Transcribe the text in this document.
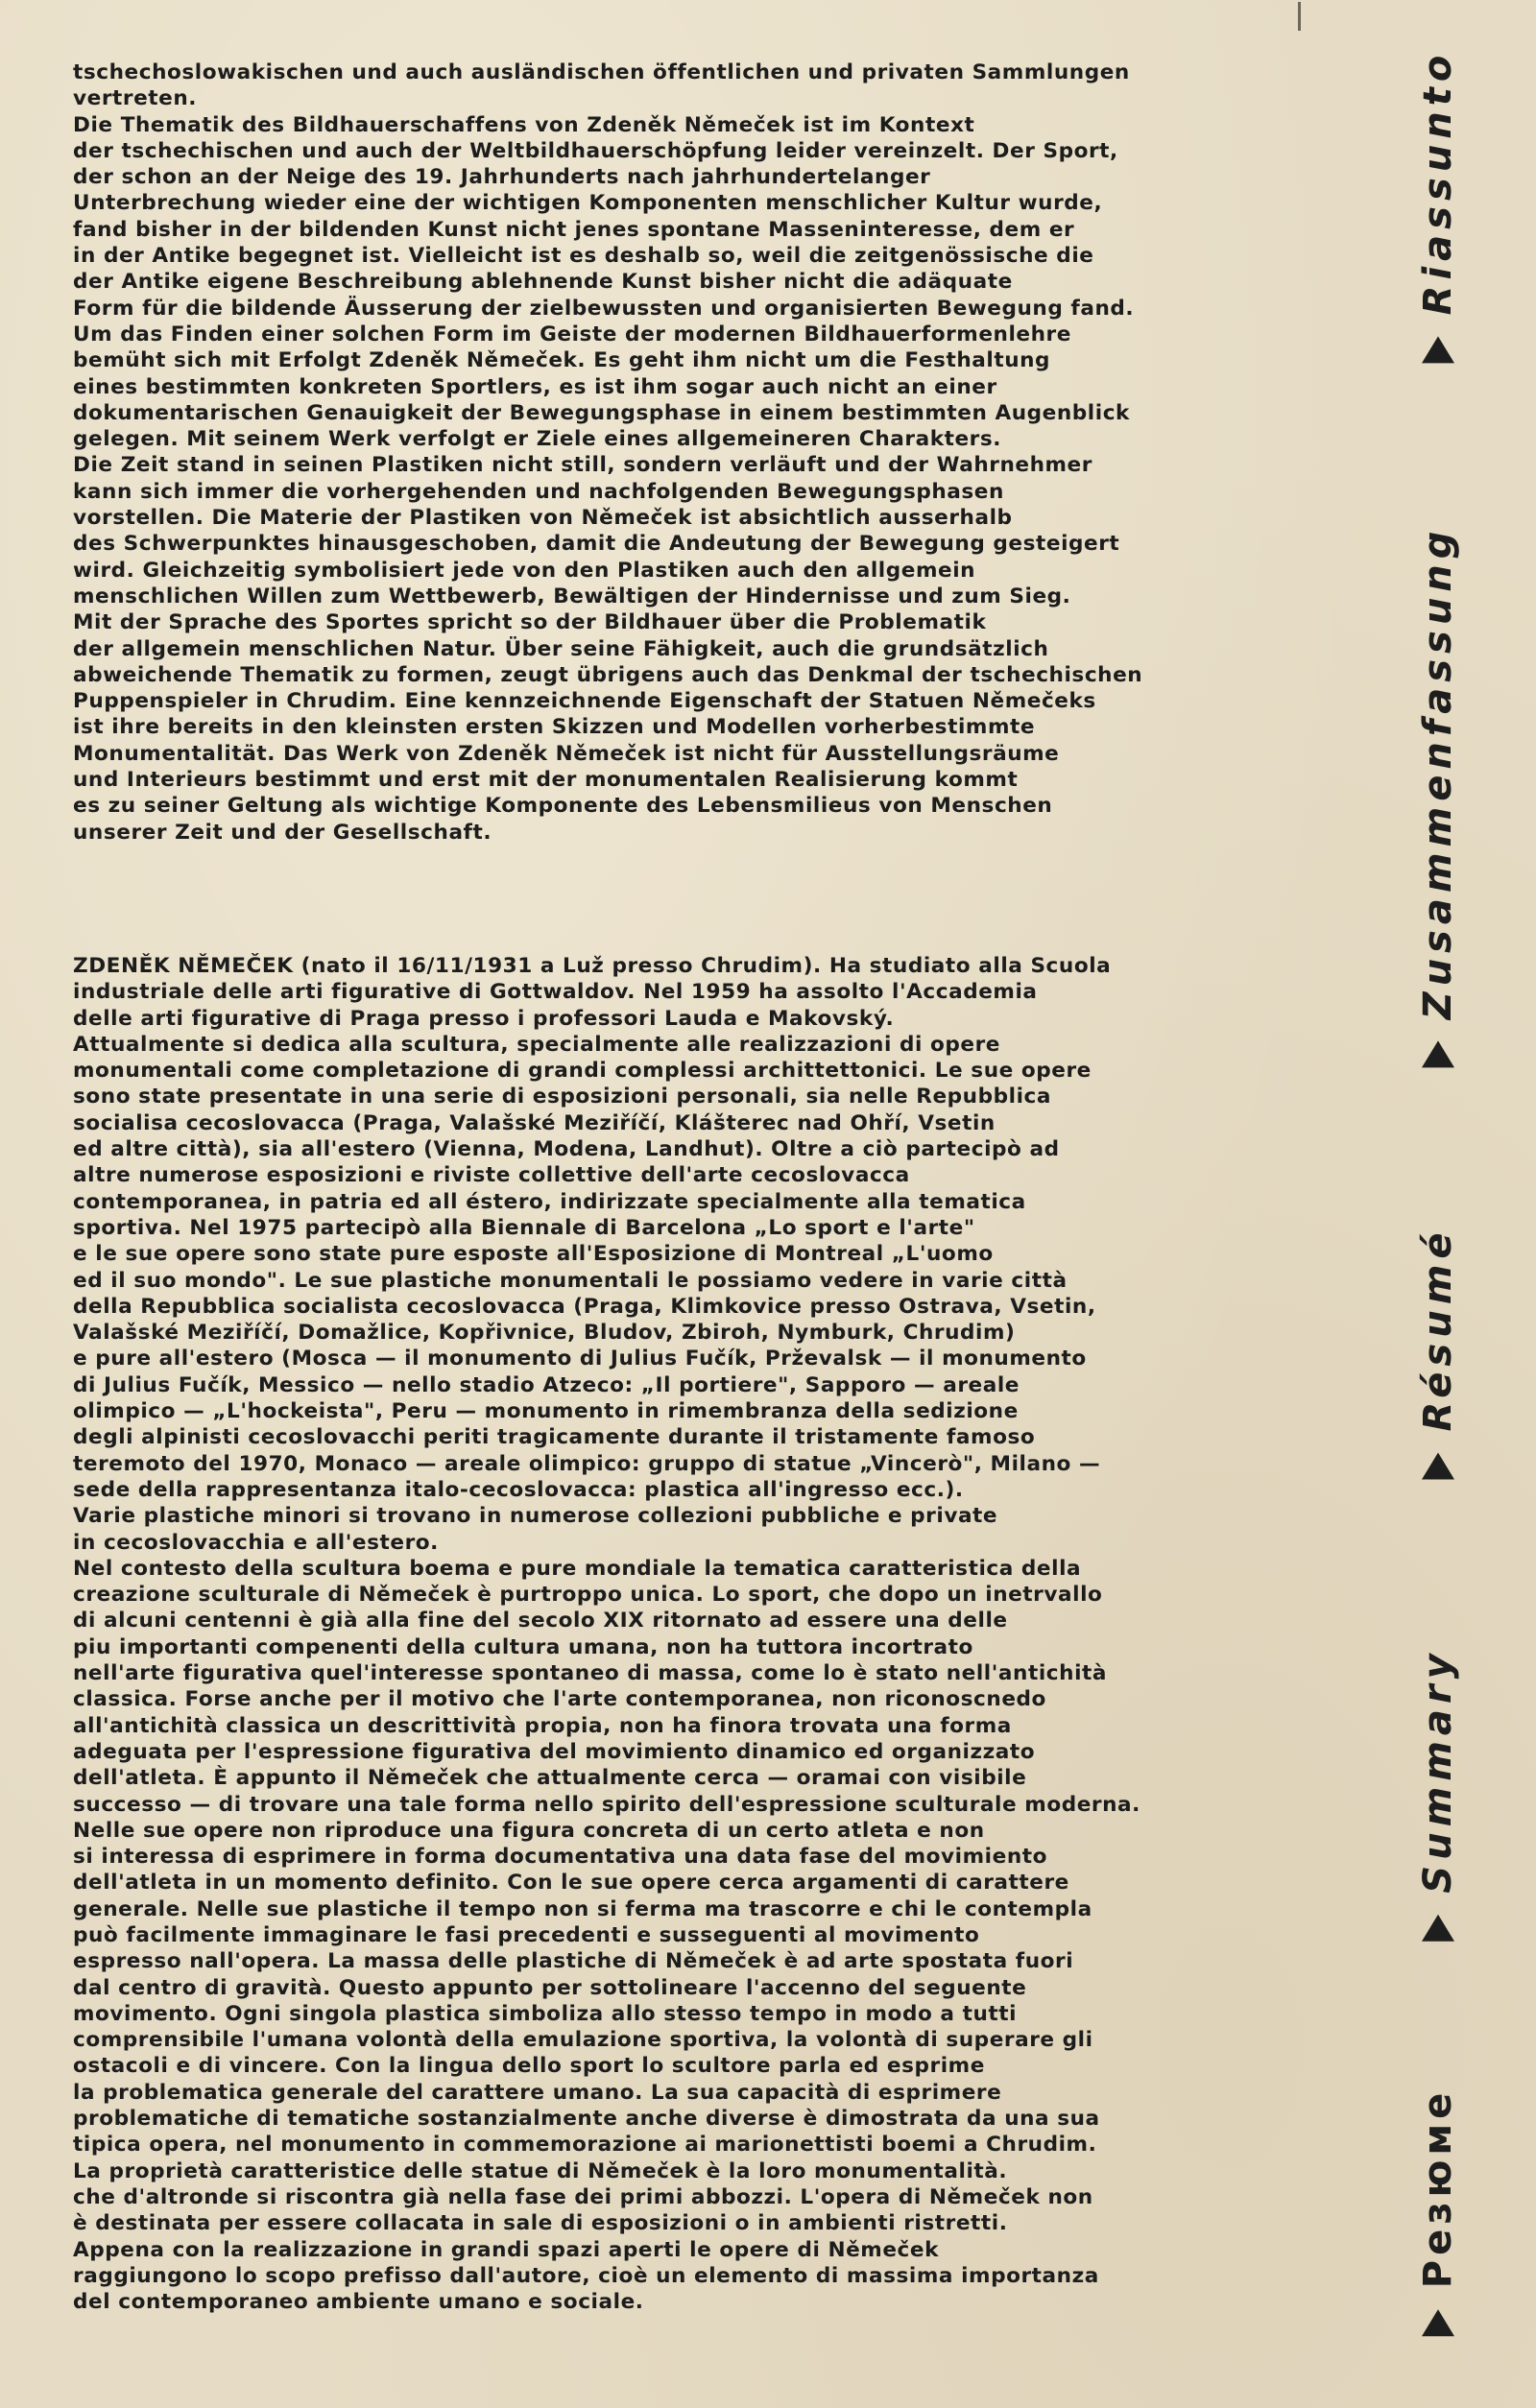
tschechoslowakischen und auch ausländischen öffentlichen und privaten Sammlungen
vertreten.
Die Thematik des Bildhauerschaffens von Zdeněk Němeček ist im Kontext
der tschechischen und auch der Weltbildhauerschöpfung leider vereinzelt. Der Sport,
der schon an der Neige des 19. Jahrhunderts nach jahrhundertelanger
Unterbrechung wieder eine der wichtigen Komponenten menschlicher Kultur wurde,
fand bisher in der bildenden Kunst nicht jenes spontane Masseninteresse, dem er
in der Antike begegnet ist. Vielleicht ist es deshalb so, weil die zeitgenössische die
der Antike eigene Beschreibung ablehnende Kunst bisher nicht die adäquate
Form für die bildende Äusserung der zielbewussten und organisierten Bewegung fand.
Um das Finden einer solchen Form im Geiste der modernen Bildhauerformenlehre
bemüht sich mit Erfolgt Zdeněk Němeček. Es geht ihm nicht um die Festhaltung
eines bestimmten konkreten Sportlers, es ist ihm sogar auch nicht an einer
dokumentarischen Genauigkeit der Bewegungsphase in einem bestimmten Augenblick
gelegen. Mit seinem Werk verfolgt er Ziele eines allgemeineren Charakters.
Die Zeit stand in seinen Plastiken nicht still, sondern verläuft und der Wahrnehmer
kann sich immer die vorhergehenden und nachfolgenden Bewegungsphasen
vorstellen. Die Materie der Plastiken von Němeček ist absichtlich ausserhalb
des Schwerpunktes hinausgeschoben, damit die Andeutung der Bewegung gesteigert
wird. Gleichzeitig symbolisiert jede von den Plastiken auch den allgemein
menschlichen Willen zum Wettbewerb, Bewältigen der Hindernisse und zum Sieg.
Mit der Sprache des Sportes spricht so der Bildhauer über die Problematik
der allgemein menschlichen Natur. Über seine Fähigkeit, auch die grundsätzlich
abweichende Thematik zu formen, zeugt übrigens auch das Denkmal der tschechischen
Puppenspieler in Chrudim. Eine kennzeichnende Eigenschaft der Statuen Němečeks
ist ihre bereits in den kleinsten ersten Skizzen und Modellen vorherbestimmte
Monumentalität. Das Werk von Zdeněk Němeček ist nicht für Ausstellungsräume
und Interieurs bestimmt und erst mit der monumentalen Realisierung kommt
es zu seiner Geltung als wichtige Komponente des Lebensmilieus von Menschen
unserer Zeit und der Gesellschaft.
ZDENĚK NĚMEČEK (nato il 16/11/1931 a Luž presso Chrudim). Ha studiato alla Scuola
industriale delle arti figurative di Gottwaldov. Nel 1959 ha assolto l'Accademia
delle arti figurative di Praga presso i professori Lauda e Makovský.
Attualmente si dedica alla scultura, specialmente alle realizzazioni di opere
monumentali come completazione di grandi complessi archittettonici. Le sue opere
sono state presentate in una serie di esposizioni personali, sia nelle Repubblica
socialisa cecoslovacca (Praga, Valašské Meziříčí, Klášterec nad Ohří, Vsetin
ed altre città), sia all'estero (Vienna, Modena, Landhut). Oltre a ciò partecipò ad
altre numerose esposizioni e riviste collettive dell'arte cecoslovacca
contemporanea, in patria ed all éstero, indirizzate specialmente alla tematica
sportiva. Nel 1975 partecipò alla Biennale di Barcelona „Lo sport e l'arte"
e le sue opere sono state pure esposte all'Esposizione di Montreal „L'uomo
ed il suo mondo". Le sue plastiche monumentali le possiamo vedere in varie città
della Repubblica socialista cecoslovacca (Praga, Klimkovice presso Ostrava, Vsetin,
Valašské Meziříčí, Domažlice, Kopřivnice, Bludov, Zbiroh, Nymburk, Chrudim)
e pure all'estero (Mosca — il monumento di Julius Fučík, Prževalsk — il monumento
di Julius Fučík, Messico — nello stadio Atzeco: „Il portiere", Sapporo — areale
olimpico — „L'hockeista", Peru — monumento in rimembranza della sedizione
degli alpinisti cecoslovacchi periti tragicamente durante il tristamente famoso
teremoto del 1970, Monaco — areale olimpico: gruppo di statue „Vincerò", Milano —
sede della rappresentanza italo-cecoslovacca: plastica all'ingresso ecc.).
Varie plastiche minori si trovano in numerose collezioni pubbliche e private
in cecoslovacchia e all'estero.
Nel contesto della scultura boema e pure mondiale la tematica caratteristica della
creazione sculturale di Němeček è purtroppo unica. Lo sport, che dopo un inetrvallo
di alcuni centenni è già alla fine del secolo XIX ritornato ad essere una delle
piu importanti compenenti della cultura umana, non ha tuttora incortrato
nell'arte figurativa quel'interesse spontaneo di massa, come lo è stato nell'antichità
classica. Forse anche per il motivo che l'arte contemporanea, non riconoscnedo
all'antichità classica un descrittività propia, non ha finora trovata una forma
adeguata per l'espressione figurativa del movimiento dinamico ed organizzato
dell'atleta. È appunto il Němeček che attualmente cerca — oramai con visibile
successo — di trovare una tale forma nello spirito dell'espressione sculturale moderna.
Nelle sue opere non riproduce una figura concreta di un certo atleta e non
si interessa di esprimere in forma documentativa una data fase del movimiento
dell'atleta in un momento definito. Con le sue opere cerca argamenti di carattere
generale. Nelle sue plastiche il tempo non si ferma ma trascorre e chi le contempla
può facilmente immaginare le fasi precedenti e susseguenti al movimento
espresso nall'opera. La massa delle plastiche di Němeček è ad arte spostata fuori
dal centro di gravità. Questo appunto per sottolineare l'accenno del seguente
movimento. Ogni singola plastica simboliza allo stesso tempo in modo a tutti
comprensibile l'umana volontà della emulazione sportiva, la volontà di superare gli
ostacoli e di vincere. Con la lingua dello sport lo scultore parla ed esprime
la problematica generale del carattere umano. La sua capacità di esprimere
problematiche di tematiche sostanzialmente anche diverse è dimostrata da una sua
tipica opera, nel monumento in commemorazione ai marionettisti boemi a Chrudim.
La proprietà caratteristice delle statue di Němeček è la loro monumentalità.
che d'altronde si riscontra già nella fase dei primi abbozzi. L'opera di Němeček non
è destinata per essere collacata in sale di esposizioni o in ambienti ristretti.
Appena con la realizzazione in grandi spazi aperti le opere di Němeček
raggiungono lo scopo prefisso dall'autore, cioè un elemento di massima importanza
del contemporaneo ambiente umano e sociale.
Riassunto
Zusammenfassung
Résumé
Summary
Резюме
